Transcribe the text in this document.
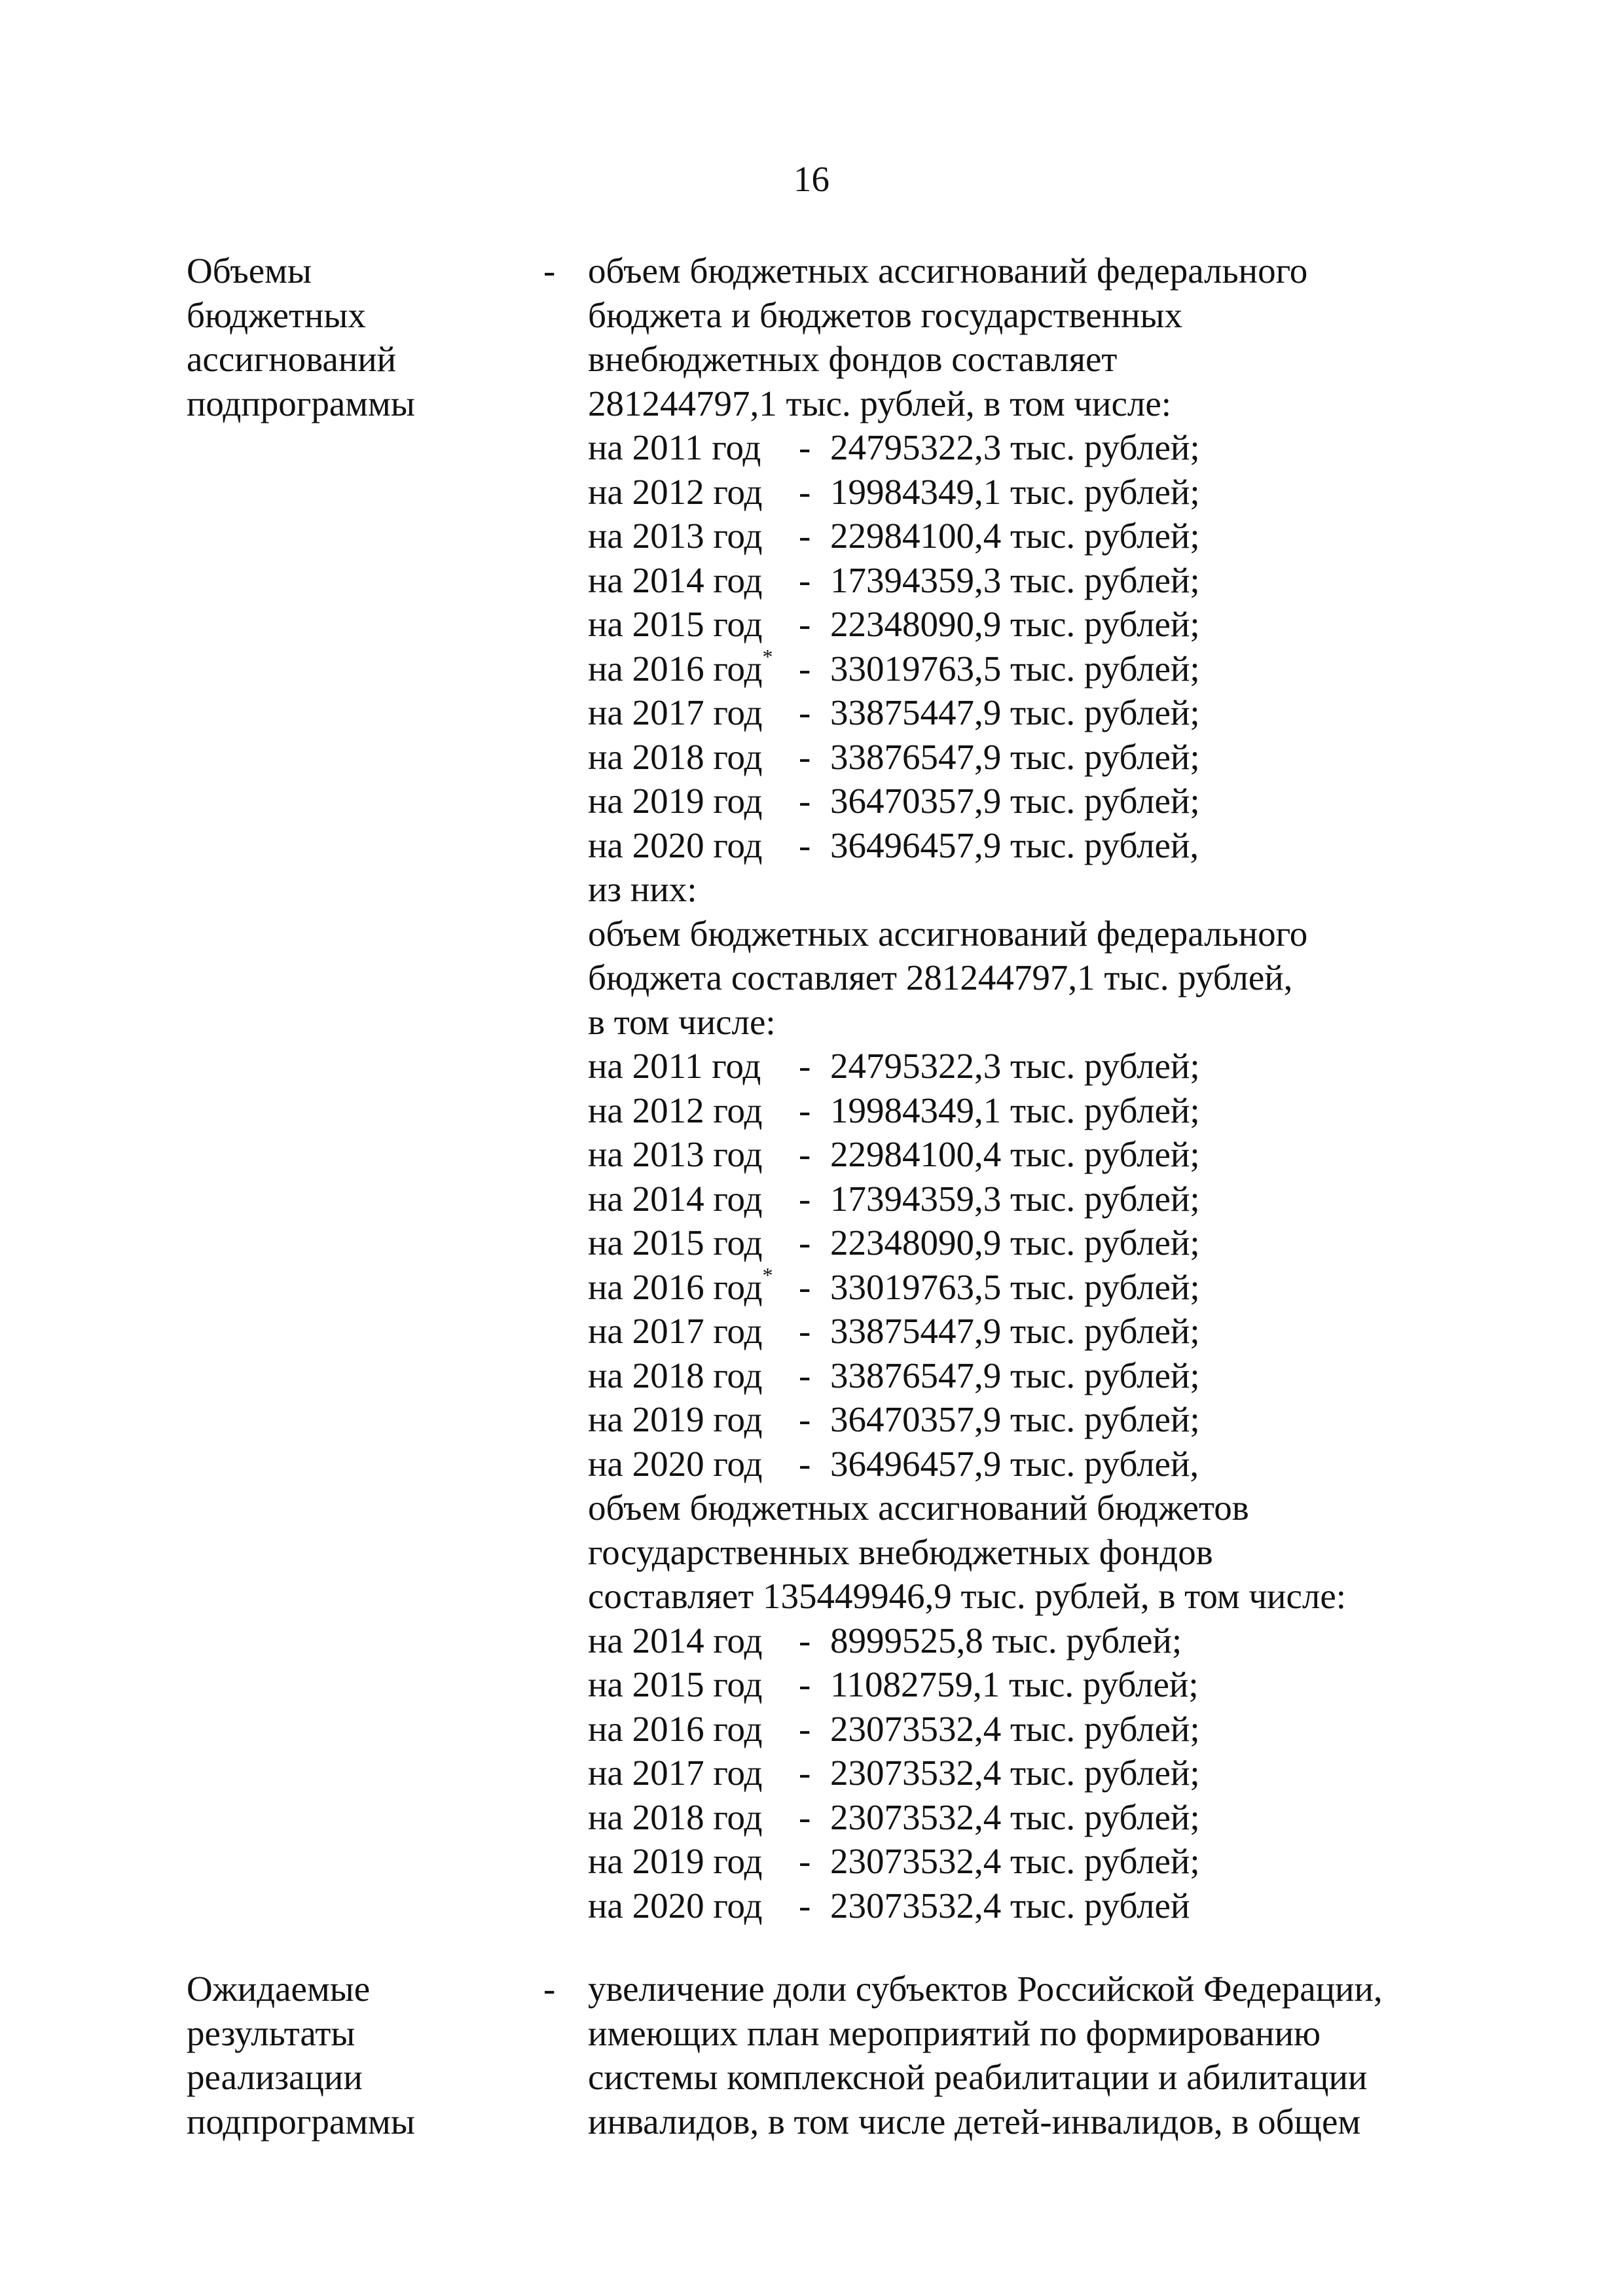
16
Объемы
бюджетных
ассигнований
подпрограммы
- объем бюджетных ассигнований федерального
бюджета и бюджетов государственных
внебюджетных фондов составляет
281244797,1 тыс. рублей, в том числе:
на 2011 год - 24795322,3 тыс. рублей;
на 2012 год - 19984349,1 тыс. рублей;
на 2013 год - 22984100,4 тыс. рублей;
на 2014 год - 17394359,3 тыс. рублей;
на 2015 год - 22348090,9 тыс. рублей;
на 2016 год* - 33019763,5 тыс. рублей;
на 2017 год - 33875447,9 тыс. рублей;
на 2018 год - 33876547,9 тыс. рублей;
на 2019 год - 36470357,9 тыс. рублей;
на 2020 год - 36496457,9 тыс. рублей,
из них:
объем бюджетных ассигнований федерального
бюджета составляет 281244797,1 тыс. рублей,
в том числе:
на 2011 год - 24795322,3 тыс. рублей;
на 2012 год - 19984349,1 тыс. рублей;
на 2013 год - 22984100,4 тыс. рублей;
на 2014 год - 17394359,3 тыс. рублей;
на 2015 год - 22348090,9 тыс. рублей;
на 2016 год* - 33019763,5 тыс. рублей;
на 2017 год - 33875447,9 тыс. рублей;
на 2018 год - 33876547,9 тыс. рублей;
на 2019 год - 36470357,9 тыс. рублей;
на 2020 год - 36496457,9 тыс. рублей,
объем бюджетных ассигнований бюджетов
государственных внебюджетных фондов
составляет 135449946,9 тыс. рублей, в том числе:
на 2014 год - 8999525,8 тыс. рублей;
на 2015 год - 11082759,1 тыс. рублей;
на 2016 год - 23073532,4 тыс. рублей;
на 2017 год - 23073532,4 тыс. рублей;
на 2018 год - 23073532,4 тыс. рублей;
на 2019 год - 23073532,4 тыс. рублей;
на 2020 год - 23073532,4 тыс. рублей
Ожидаемые
результаты
реализации
подпрограммы
- увеличение доли субъектов Российской Федерации,
имеющих план мероприятий по формированию
системы комплексной реабилитации и абилитации
инвалидов, в том числе детей-инвалидов, в общем
